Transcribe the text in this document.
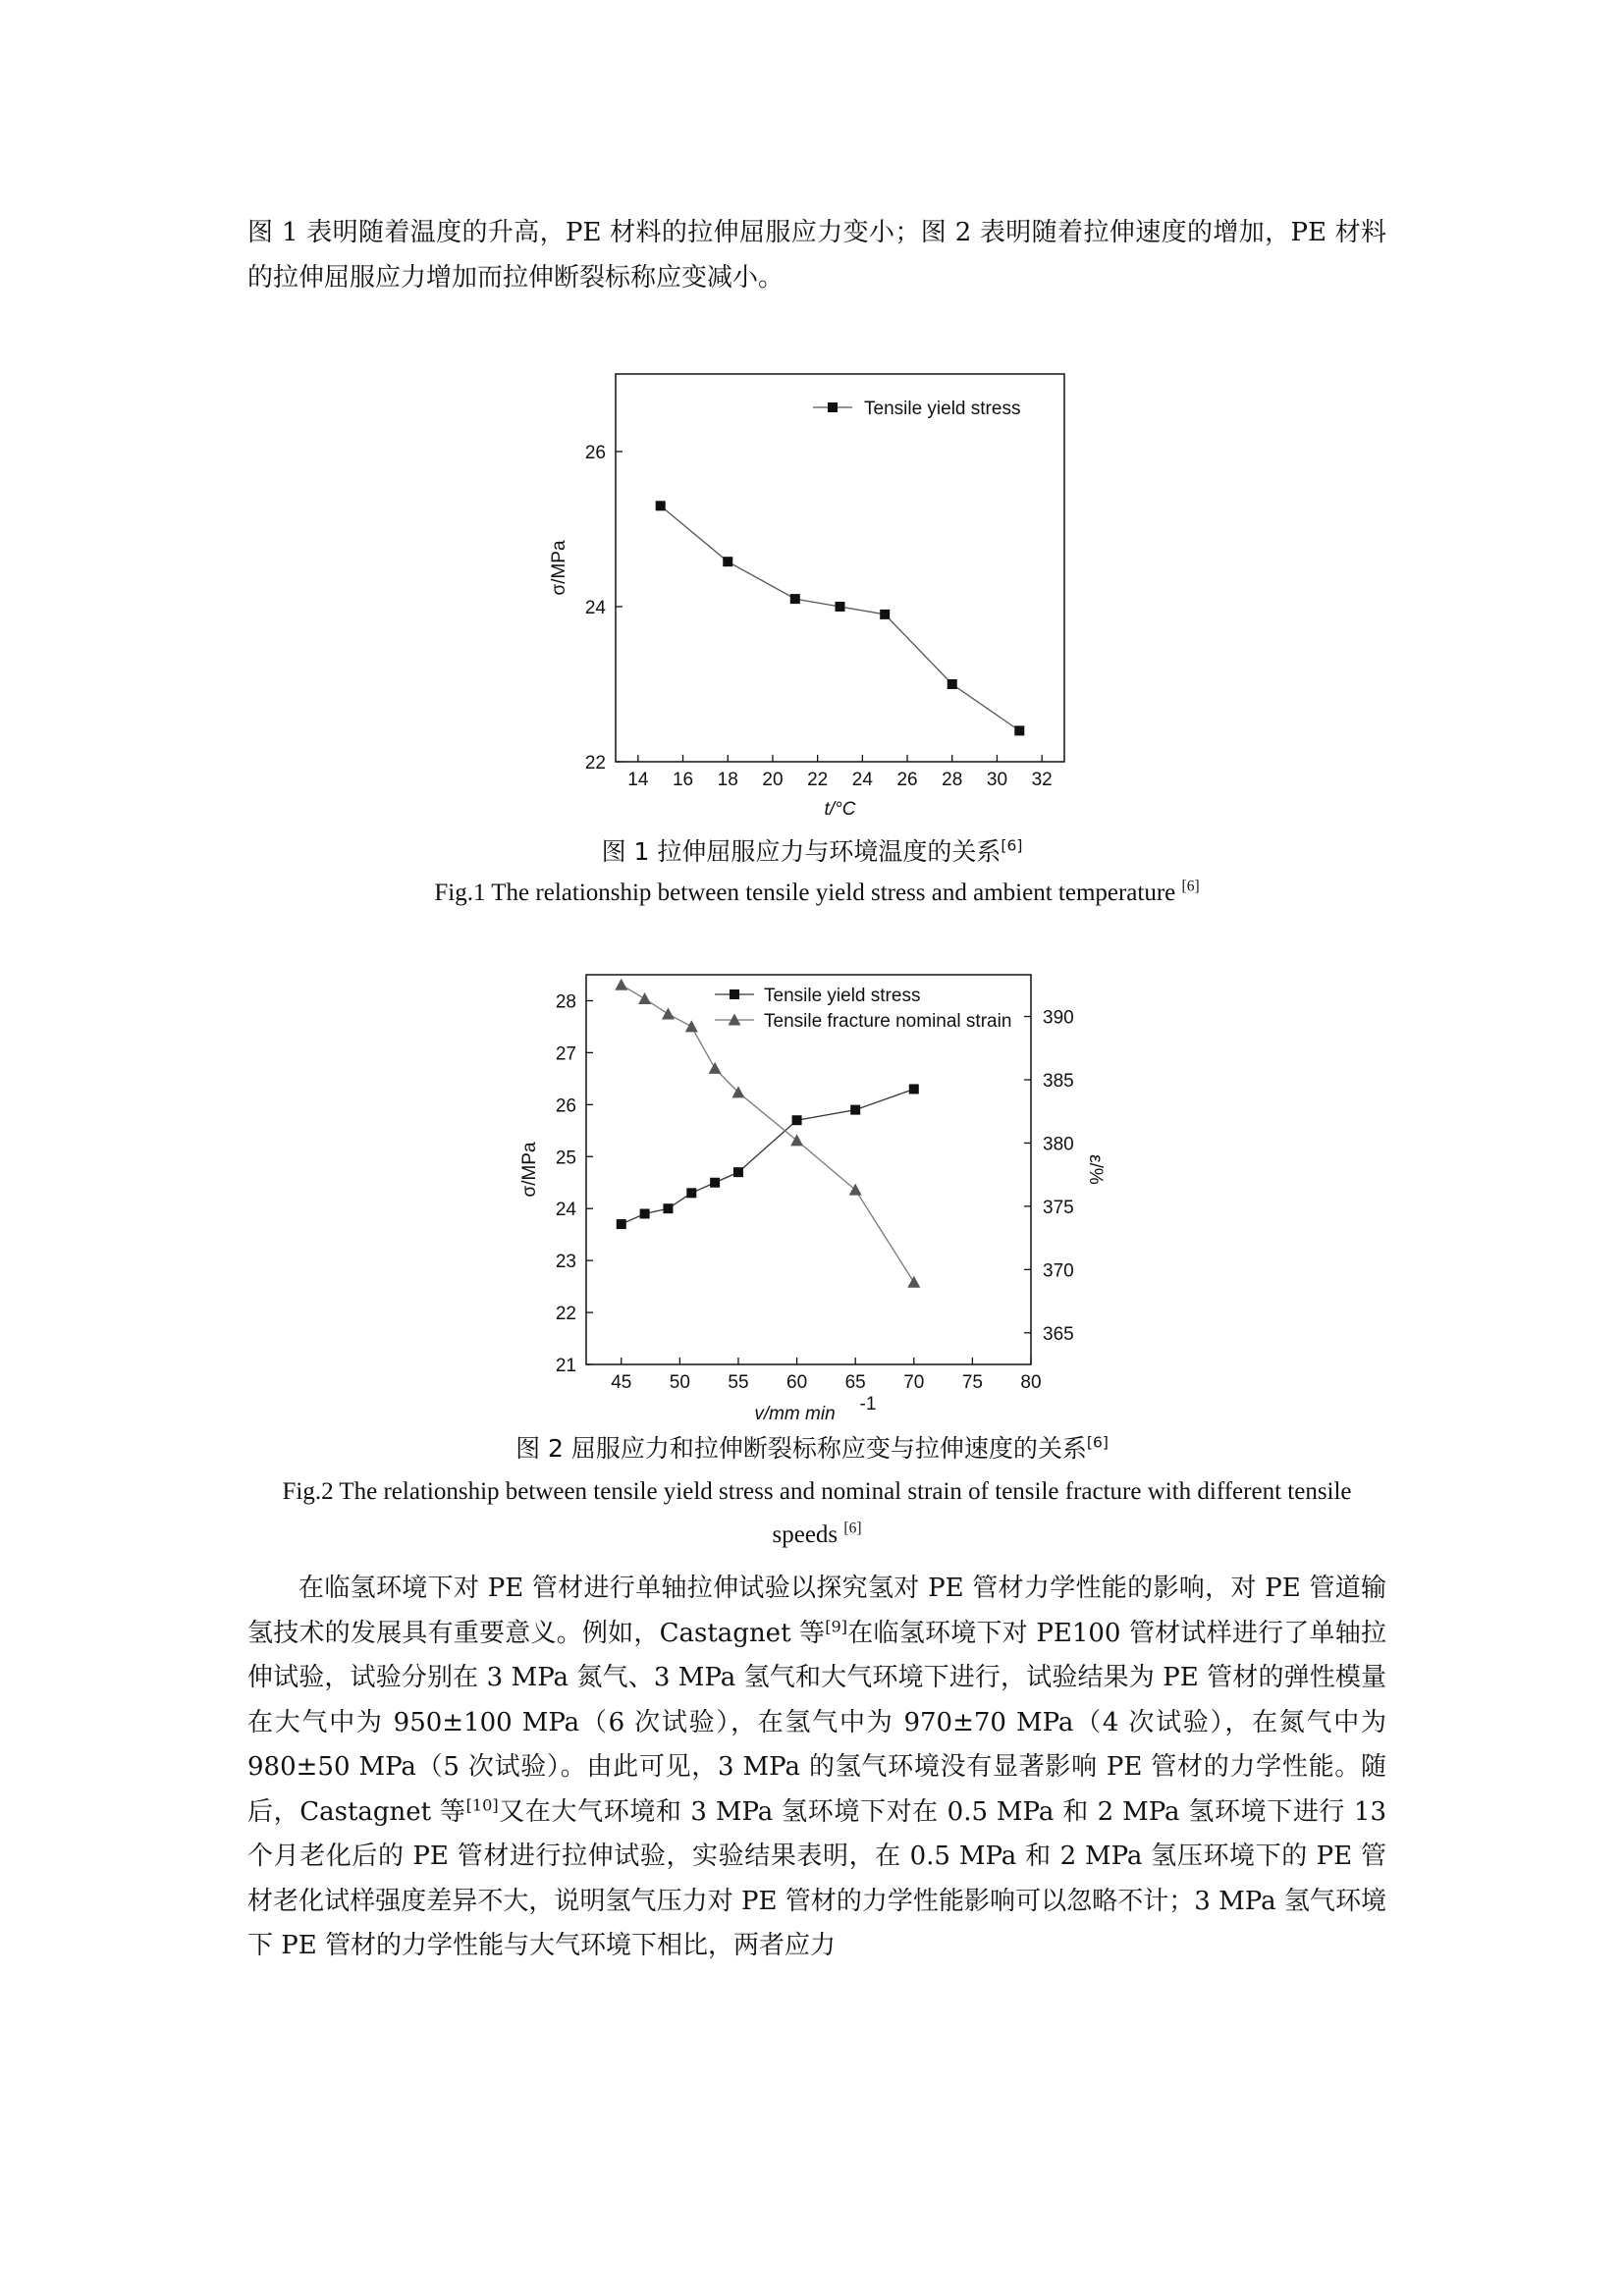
图 1 表明随着温度的升高，PE 材料的拉伸屈服应力变小；图 2 表明随着拉伸速度的增加，PE 材料的拉伸屈服应力增加而拉伸断裂标称应变减小。

14 16 18 20 22 24 26 28 30 32
22
24
26
t/°C
σ/MPa
Tensile yield stress
45 50 55 60 65 70 75 80
21
22
23
24
25
26
27
28
365
370
375
380
385
390
v/mm min -1
σ/MPa	ε/%
Tensile yield stress
Tensile fracture nominal strain
图 1 拉伸屈服应力与环境温度的关系[6]
Fig.1 The relationship between tensile yield stress and ambient temperature [6]
图 2 屈服应力和拉伸断裂标称应变与拉伸速度的关系[6]
Fig.2 The relationship between tensile yield stress and nominal strain of tensile fracture with different tensile speeds [6]

在临氢环境下对 PE 管材进行单轴拉伸试验以探究氢对 PE 管材力学性能的影响，对 PE 管道输氢技术的发展具有重要意义。例如，Castagnet 等[9]在临氢环境下对 PE100 管材试样进行了单轴拉伸试验，试验分别在 3 MPa 氮气、3 MPa 氢气和大气环境下进行，试验结果为 PE 管材的弹性模量在大气中为 950±100 MPa（6 次试验），在氢气中为 970±70 MPa（4 次试验），在氮气中为 980±50 MPa（5 次试验）。由此可见，3 MPa 的氢气环境没有显著影响 PE 管材的力学性能。随后，Castagnet 等[10]又在大气环境和 3 MPa 氢环境下对在 0.5 MPa 和 2 MPa 氢环境下进行 13 个月老化后的 PE 管材进行拉伸试验，实验结果表明，在 0.5 MPa 和 2 MPa 氢压环境下的 PE 管材老化试样强度差异不大，说明氢气压力对 PE 管材的力学性能影响可以忽略不计；3 MPa 氢气环境下 PE 管材的力学性能与大气环境下相比，两者应力
